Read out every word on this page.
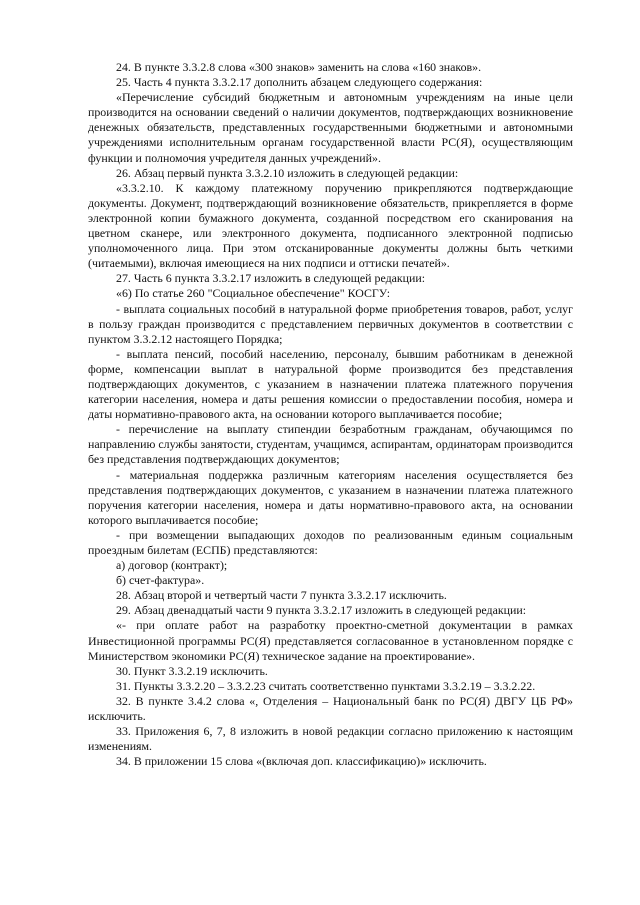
24. В пункте 3.3.2.8 слова «300 знаков» заменить на слова «160 знаков».

25. Часть 4 пункта 3.3.2.17 дополнить абзацем следующего содержания:

«Перечисление субсидий бюджетным и автономным учреждениям на иные цели производится на основании сведений о наличии документов, подтверждающих возникновение денежных обязательств, представленных государственными бюджетными и автономными учреждениями исполнительным органам государственной власти РС(Я), осуществляющим функции и полномочия учредителя данных учреждений».

26. Абзац первый пункта 3.3.2.10 изложить в следующей редакции:

«3.3.2.10. К каждому платежному поручению прикрепляются подтверждающие документы. Документ, подтверждающий возникновение обязательств, прикрепляется в форме электронной копии бумажного документа, созданной посредством его сканирования на цветном сканере, или электронного документа, подписанного электронной подписью уполномоченного лица. При этом отсканированные документы должны быть четкими (читаемыми), включая имеющиеся на них подписи и оттиски печатей».

27. Часть 6 пункта 3.3.2.17 изложить в следующей редакции:

«6) По статье 260 "Социальное обеспечение" КОСГУ:

- выплата социальных пособий в натуральной форме приобретения товаров, работ, услуг в пользу граждан производится с представлением первичных документов в соответствии с пунктом 3.3.2.12 настоящего Порядка;

- выплата пенсий, пособий населению, персоналу, бывшим работникам в денежной форме, компенсации выплат в натуральной форме производится без представления подтверждающих документов, с указанием в назначении платежа платежного поручения категории населения, номера и даты решения комиссии о предоставлении пособия, номера и даты нормативно-правового акта, на основании которого выплачивается пособие;

- перечисление на выплату стипендии безработным гражданам, обучающимся по направлению службы занятости, студентам, учащимся, аспирантам, ординаторам производится без представления подтверждающих документов;

- материальная поддержка различным категориям населения осуществляется без представления подтверждающих документов, с указанием в назначении платежа платежного поручения категории населения, номера и даты нормативно-правового акта, на основании которого выплачивается пособие;

- при возмещении выпадающих доходов по реализованным единым социальным проездным билетам (ЕСПБ) представляются:

а) договор (контракт);

б) счет-фактура».

28. Абзац второй и четвертый части 7 пункта 3.3.2.17 исключить.

29. Абзац двенадцатый части 9 пункта 3.3.2.17 изложить в следующей редакции:

«- при оплате работ на разработку проектно-сметной документации в рамках Инвестиционной программы РС(Я) представляется согласованное в установленном порядке с Министерством экономики РС(Я) техническое задание на проектирование».

30. Пункт 3.3.2.19 исключить.

31. Пункты 3.3.2.20 – 3.3.2.23 считать соответственно пунктами 3.3.2.19 – 3.3.2.22.

32. В пункте 3.4.2 слова «, Отделения – Национальный банк по РС(Я) ДВГУ ЦБ РФ» исключить.

33. Приложения 6, 7, 8 изложить в новой редакции согласно приложению к настоящим изменениям.

34. В приложении 15 слова «(включая доп. классификацию)» исключить.
